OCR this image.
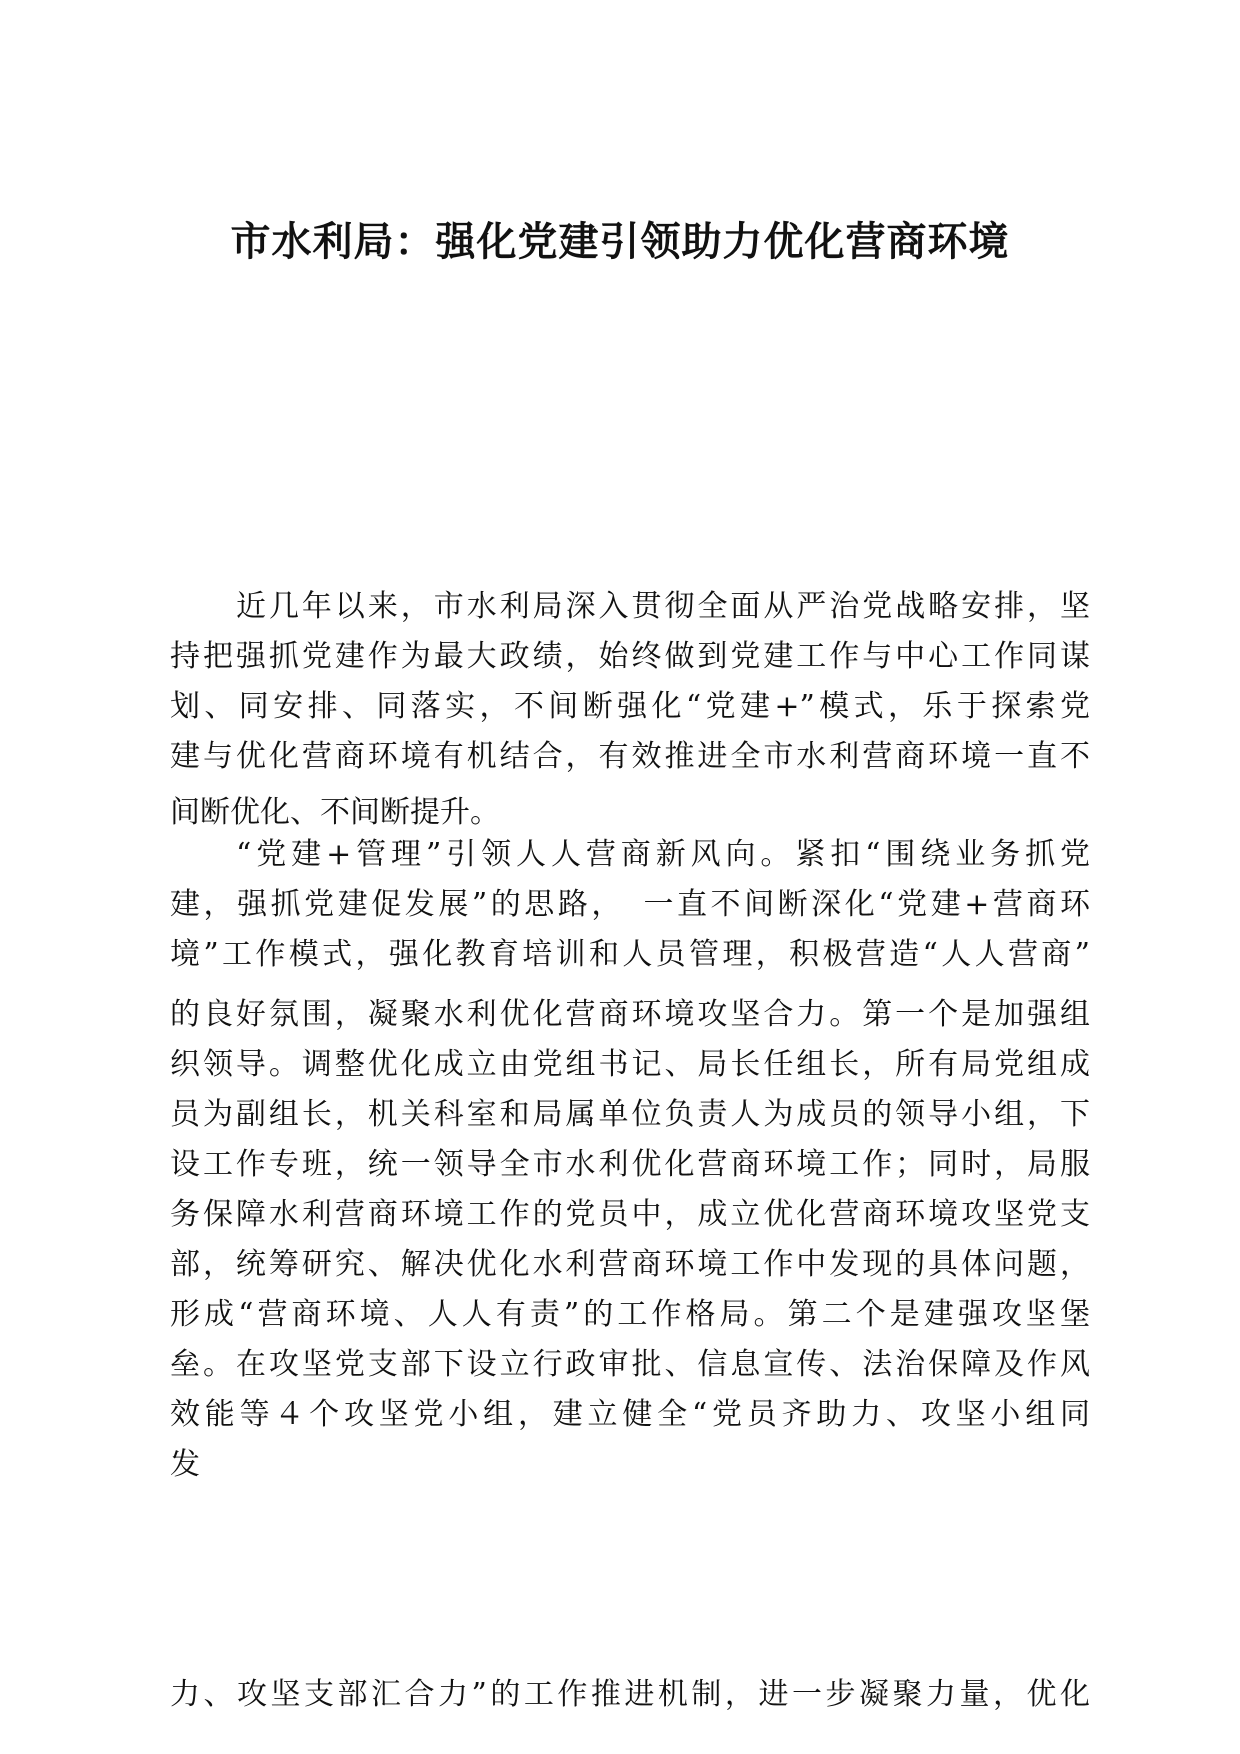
市水利局：强化党建引领助力优化营商环境
近几年以来，市水利局深入贯彻全面从严治党战略安排，坚
持把强抓党建作为最大政绩，始终做到党建工作与中心工作同谋
划、同安排、同落实，不间断强化“党建+”模式，乐于探索党
建与优化营商环境有机结合，有效推进全市水利营商环境一直不
间断优化、不间断提升。
“党建+管理”引领人人营商新风向。紧扣“围绕业务抓党
建，强抓党建促发展”的思路，　一直不间断深化“党建+营商环
境”工作模式，强化教育培训和人员管理，积极营造“人人营商”
的良好氛围，凝聚水利优化营商环境攻坚合力。第一个是加强组
织领导。调整优化成立由党组书记、局长任组长，所有局党组成
员为副组长，机关科室和局属单位负责人为成员的领导小组，下
设工作专班，统一领导全市水利优化营商环境工作；同时，局服
务保障水利营商环境工作的党员中，成立优化营商环境攻坚党支
部，统筹研究、解决优化水利营商环境工作中发现的具体问题，
形成“营商环境、人人有责”的工作格局。第二个是建强攻坚堡
垒。在攻坚党支部下设立行政审批、信息宣传、法治保障及作风
效能等４个攻坚党小组，建立健全“党员齐助力、攻坚小组同
发
力、攻坚支部汇合力”的工作推进机制，进一步凝聚力量，优化
